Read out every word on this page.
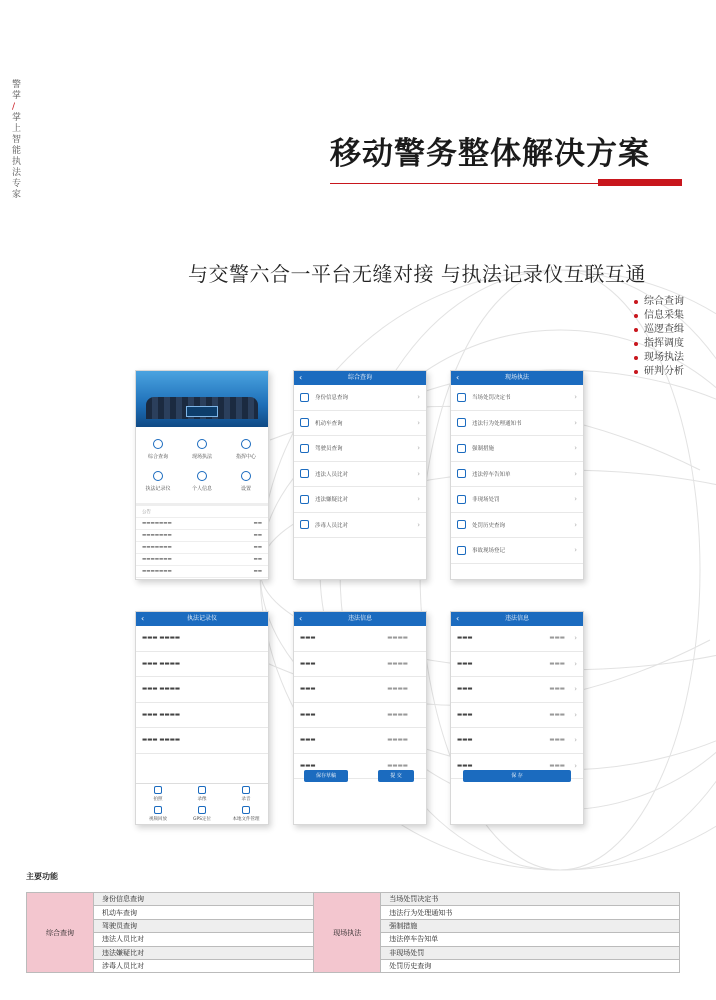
警掌
/
掌上智能执法专家
移动警务整体解决方案
与交警六合一平台无缝对接 与执法记录仪互联互通
综合查询
信息采集
巡逻查缉
指挥调度
现场执法
研判分析
综合查询	现场执法	指挥中心
执法记录仪	个人信息	设置
公告
▬▬▬▬▬▬▬	▬▬
▬▬▬▬▬▬▬	▬▬
▬▬▬▬▬▬▬	▬▬
▬▬▬▬▬▬▬	▬▬
▬▬▬▬▬▬▬	▬▬
‹	综合查询
身份信息查询	›
机动车查询	›
驾驶员查询	›
违法人员比对	›
违法嫌疑比对	›
涉毒人员比对	›
‹	现场执法
当场处罚决定书	›
违法行为处理通知书	›
强制措施	›
违法停车告知单	›
非现场处罚	›
处罚历史查询	›
事故现场登记	›
‹	执法记录仪
▬▬▬ ▬▬▬▬
▬▬▬ ▬▬▬▬
▬▬▬ ▬▬▬▬
▬▬▬ ▬▬▬▬
▬▬▬ ▬▬▬▬
拍照	录像	录音
视频回放	GPS定位	本地文件管理
‹	违法信息
▬▬▬	▬▬▬▬
▬▬▬	▬▬▬▬
▬▬▬	▬▬▬▬
▬▬▬	▬▬▬▬
▬▬▬	▬▬▬▬
▬▬▬	▬▬▬▬
保存草稿	提 交
‹	违法信息
▬▬▬	▬▬▬ ›
▬▬▬	▬▬▬ ›
▬▬▬	▬▬▬ ›
▬▬▬	▬▬▬ ›
▬▬▬	▬▬▬ ›
▬▬▬	▬▬▬ ›
保 存
主要功能
综合查询	身份信息查询	现场执法	当场处罚决定书
	机动车查询		违法行为处理通知书
	驾驶员查询		强制措施
	违法人员比对		违法停车告知单
	违法嫌疑比对		非现场处罚
	涉毒人员比对		处罚历史查询
